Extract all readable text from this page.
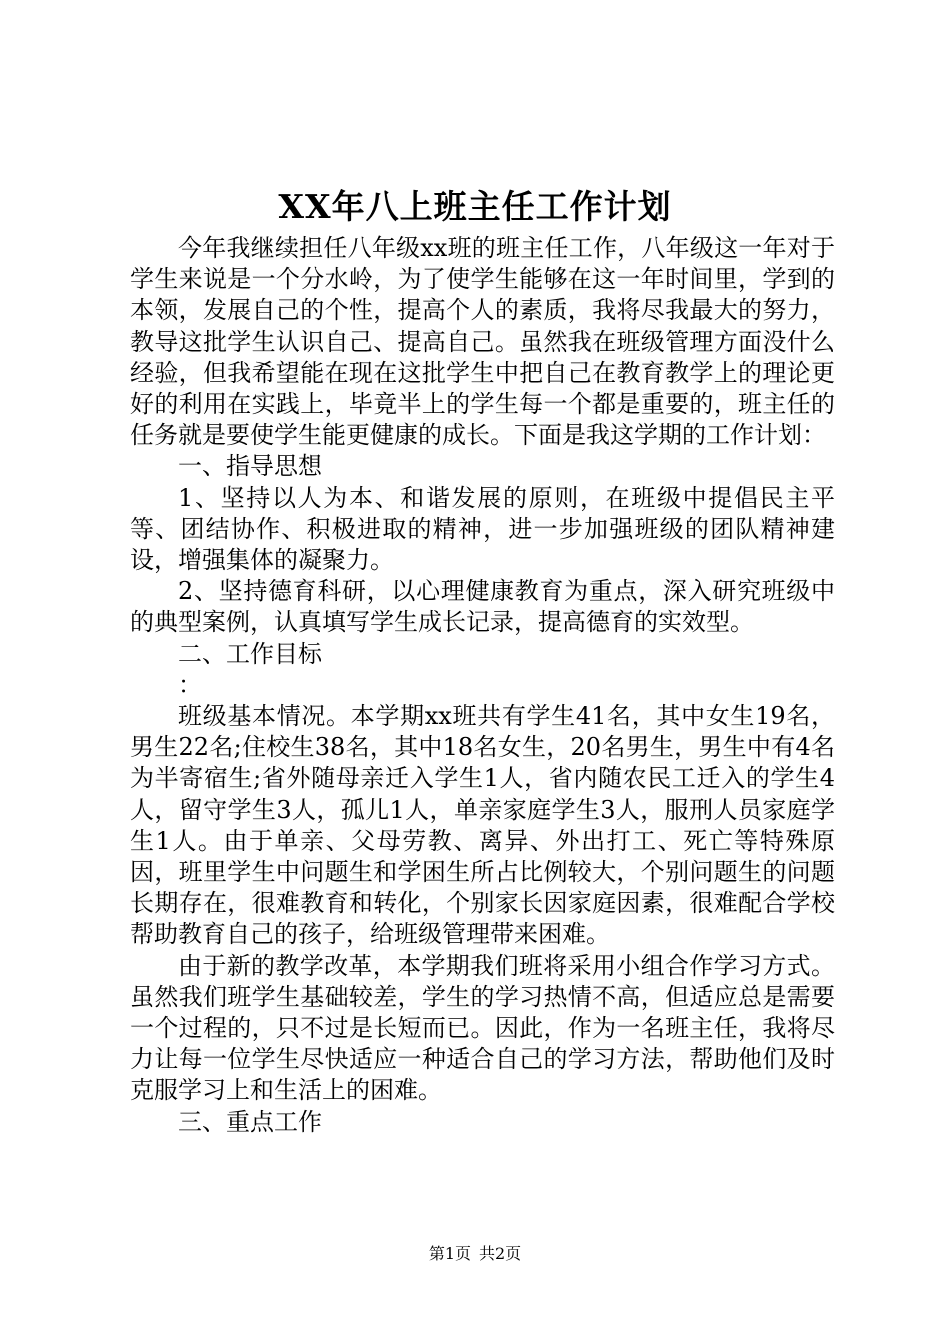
XX年八上班主任工作计划

今年我继续担任八年级xx班的班主任工作，八年级这一年对于学生来说是一个分水岭，为了使学生能够在这一年时间里，学到的本领，发展自己的个性，提高个人的素质，我将尽我最大的努力，教导这批学生认识自己、提高自己。虽然我在班级管理方面没什么经验，但我希望能在现在这批学生中把自己在教育教学上的理论更好的利用在实践上，毕竟半上的学生每一个都是重要的，班主任的任务就是要使学生能更健康的成长。下面是我这学期的工作计划：

一、指导思想

1、坚持以人为本、和谐发展的原则，在班级中提倡民主平等、团结协作、积极进取的精神，进一步加强班级的团队精神建设，增强集体的凝聚力。

2、坚持德育科研，以心理健康教育为重点，深入研究班级中的典型案例，认真填写学生成长记录，提高德育的实效型。

二、工作目标

：

班级基本情况。本学期xx班共有学生41名，其中女生19名，男生22名;住校生38名，其中18名女生，20名男生，男生中有4名为半寄宿生;省外随母亲迁入学生1人，省内随农民工迁入的学生4人，留守学生3人，孤儿1人，单亲家庭学生3人，服刑人员家庭学生1人。由于单亲、父母劳教、离异、外出打工、死亡等特殊原因，班里学生中问题生和学困生所占比例较大，个别问题生的问题长期存在，很难教育和转化，个别家长因家庭因素，很难配合学校帮助教育自己的孩子，给班级管理带来困难。

由于新的教学改革，本学期我们班将采用小组合作学习方式。虽然我们班学生基础较差，学生的学习热情不高，但适应总是需要一个过程的，只不过是长短而已。因此，作为一名班主任，我将尽力让每一位学生尽快适应一种适合自己的学习方法，帮助他们及时克服学习上和生活上的困难。

三、重点工作

第1页 共2页
